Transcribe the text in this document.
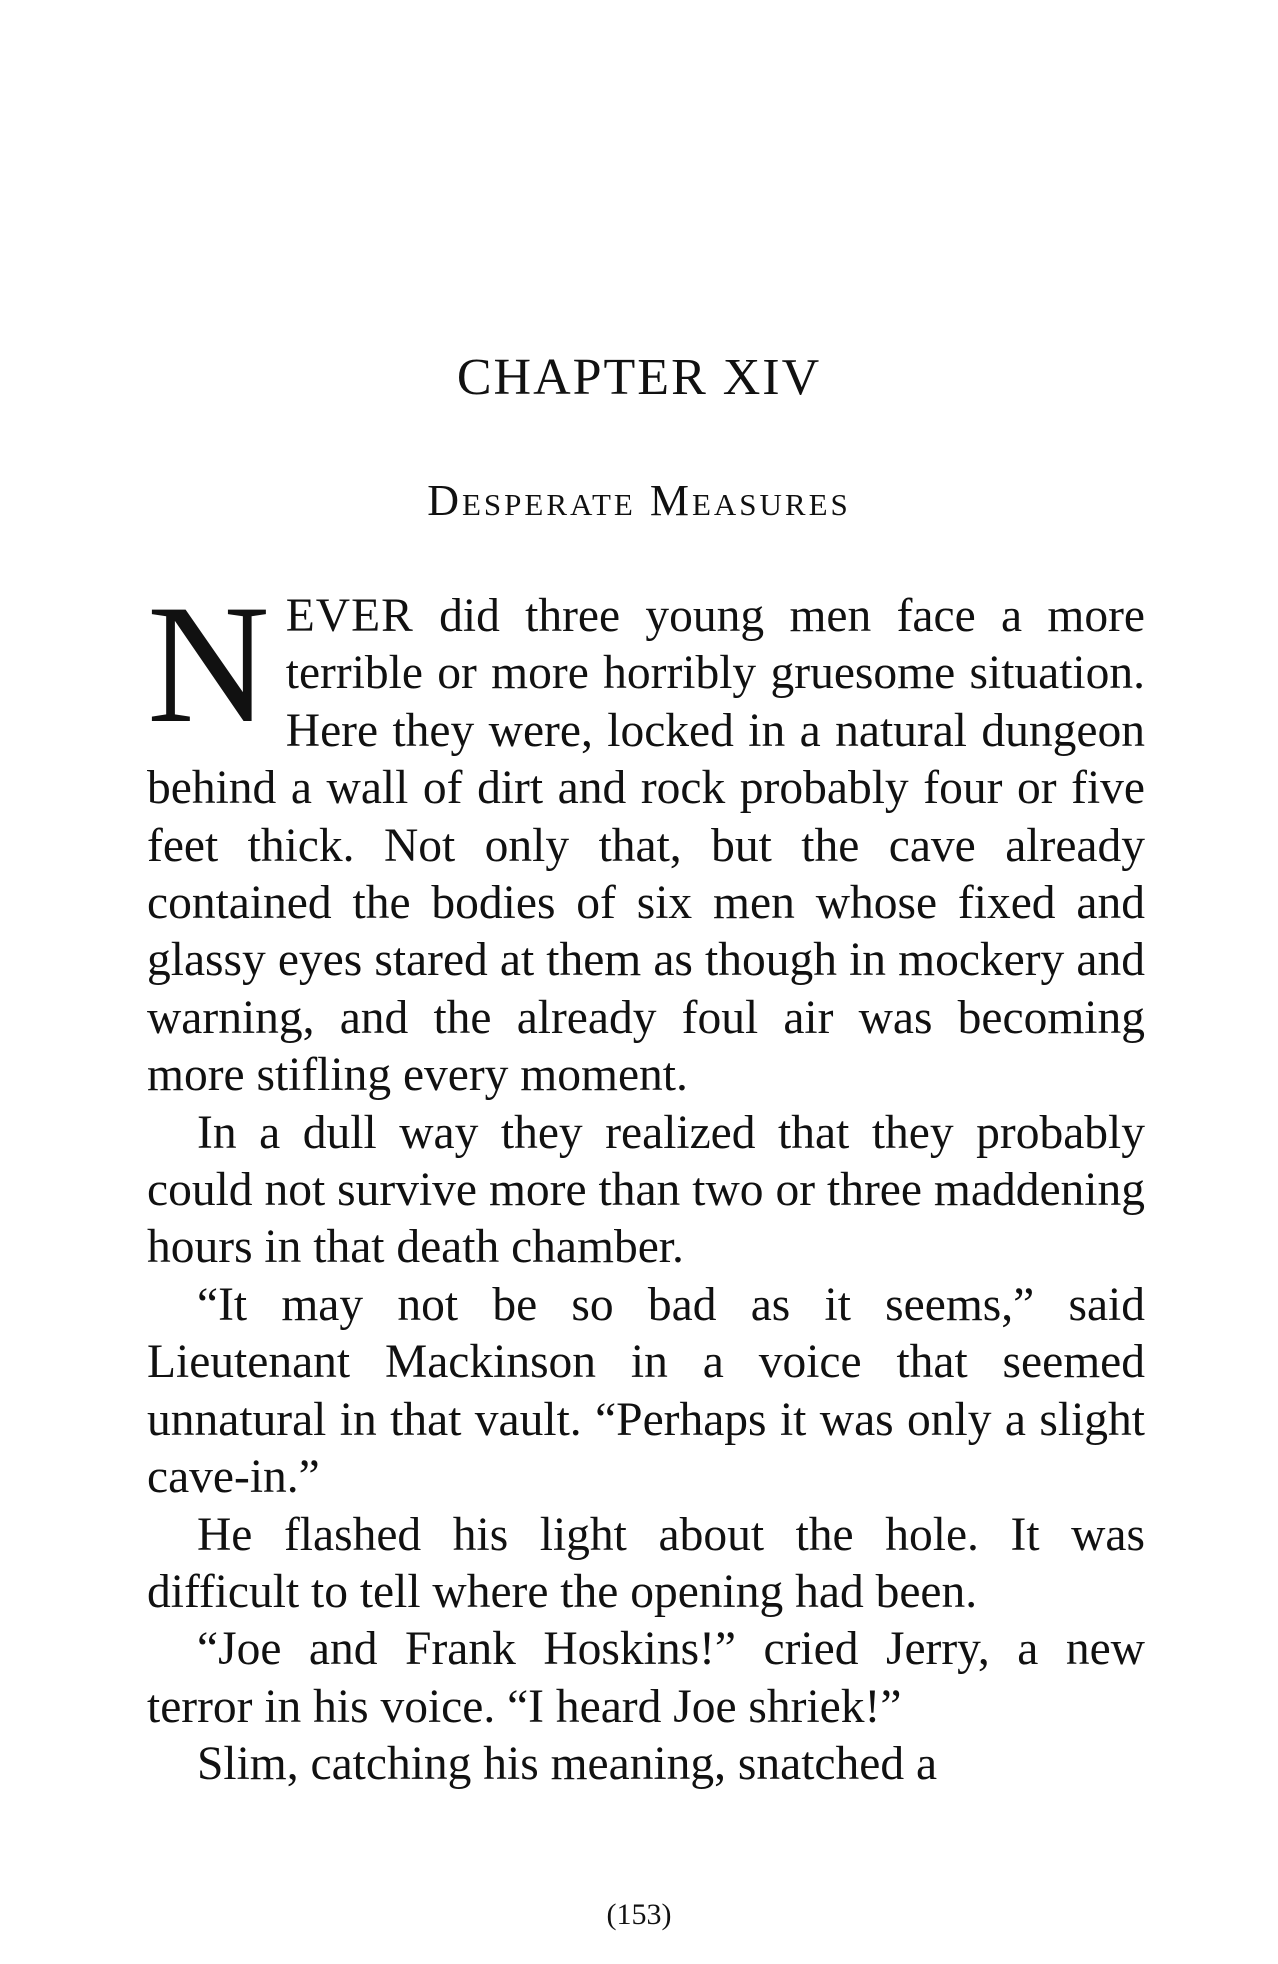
CHAPTER XIV
Desperate Measures

NEVER did three young men face a more terrible or more horribly gruesome situation. Here they were, locked in a natural dungeon behind a wall of dirt and rock probably four or five feet thick. Not only that, but the cave already contained the bodies of six men whose fixed and glassy eyes stared at them as though in mockery and warning, and the already foul air was becoming more stifling every moment.

In a dull way they realized that they probably could not survive more than two or three maddening hours in that death chamber.

“It may not be so bad as it seems,” said Lieutenant Mackinson in a voice that seemed unnatural in that vault. “Perhaps it was only a slight cave-in.”

He flashed his light about the hole. It was difficult to tell where the opening had been.

“Joe and Frank Hoskins!” cried Jerry, a new terror in his voice. “I heard Joe shriek!”

Slim, catching his meaning, snatched a

(153)
